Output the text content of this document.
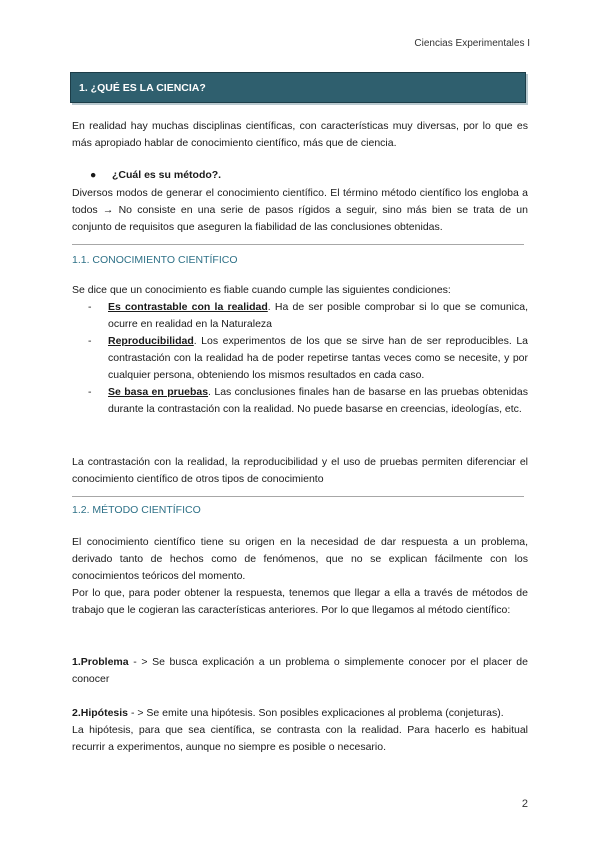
Ciencias Experimentales I
1. ¿QUÉ ES LA CIENCIA?

En realidad hay muchas disciplinas científicas, con características muy diversas, por lo que es más apropiado hablar de conocimiento científico, más que de ciencia.

● ¿Cuál es su método?.

Diversos modos de generar el conocimiento científico. El término método científico los engloba a todos → No consiste en una serie de pasos rígidos a seguir, sino más bien se trata de un conjunto de requisitos que aseguren la fiabilidad de las conclusiones obtenidas.

1.1. CONOCIMIENTO CIENTÍFICO

Se dice que un conocimiento es fiable cuando cumple las siguientes condiciones:

- Es contrastable con la realidad. Ha de ser posible comprobar si lo que se comunica, ocurre en realidad en la Naturaleza
- Reproducibilidad. Los experimentos de los que se sirve han de ser reproducibles. La contrastación con la realidad ha de poder repetirse tantas veces como se necesite, y por cualquier persona, obteniendo los mismos resultados en cada caso.
- Se basa en pruebas. Las conclusiones finales han de basarse en las pruebas obtenidas durante la contrastación con la realidad. No puede basarse en creencias, ideologías, etc.

La contrastación con la realidad, la reproducibilidad y el uso de pruebas permiten diferenciar el conocimiento científico de otros tipos de conocimiento

1.2. MÉTODO CIENTÍFICO

El conocimiento científico tiene su origen en la necesidad de dar respuesta a un problema, derivado tanto de hechos como de fenómenos, que no se explican fácilmente con los conocimientos teóricos del momento.

Por lo que, para poder obtener la respuesta, tenemos que llegar a ella a través de métodos de trabajo que le cogieran las características anteriores. Por lo que llegamos al método científico:

1.Problema - > Se busca explicación a un problema o simplemente conocer por el placer de conocer

2.Hipótesis - > Se emite una hipótesis. Son posibles explicaciones al problema (conjeturas).

La hipótesis, para que sea científica, se contrasta con la realidad. Para hacerlo es habitual recurrir a experimentos, aunque no siempre es posible o necesario.

2
